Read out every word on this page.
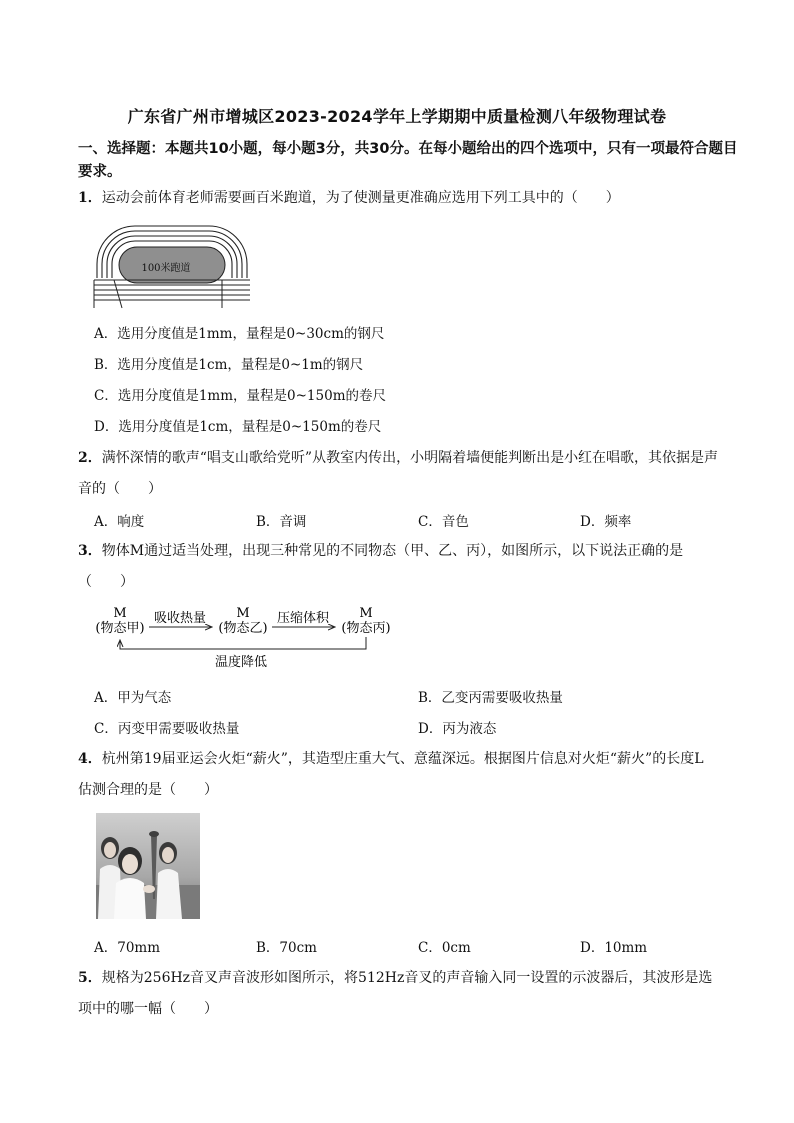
广东省广州市增城区2023-2024学年上学期期中质量检测八年级物理试卷
一、选择题：本题共10小题，每小题3分，共30分。在每小题给出的四个选项中，只有一项最符合题目要求。
1．运动会前体育老师需要画百米跑道，为了使测量更准确应选用下列工具中的（　　）
100米跑道
A．选用分度值是1mm，量程是0~30cm的钢尺
B．选用分度值是1cm，量程是0~1m的钢尺
C．选用分度值是1mm，量程是0~150m的卷尺
D．选用分度值是1cm，量程是0~150m的卷尺
2．满怀深情的歌声“唱支山歌给党听”从教室内传出，小明隔着墙便能判断出是小红在唱歌，其依据是声
音的（　　）
A．响度	B．音调	C．音色	D．频率
3．物体M通过适当处理，出现三种常见的不同物态（甲、乙、丙），如图所示，以下说法正确的是
（　　）
M
(物态甲)
M
(物态乙)
M
(物态丙)
吸收热量	压缩体积
温度降低
A．甲为气态	B．乙变丙需要吸收热量
C．丙变甲需要吸收热量	D．丙为液态
4．杭州第19届亚运会火炬“薪火”，其造型庄重大气、意蕴深远。根据图片信息对火炬“薪火”的长度L
估测合理的是（　　）
A．70mm	B．70cm	C．0cm	D．10mm
5．规格为256Hz音叉声音波形如图所示，将512Hz音叉的声音输入同一设置的示波器后，其波形是选
项中的哪一幅（　　）
